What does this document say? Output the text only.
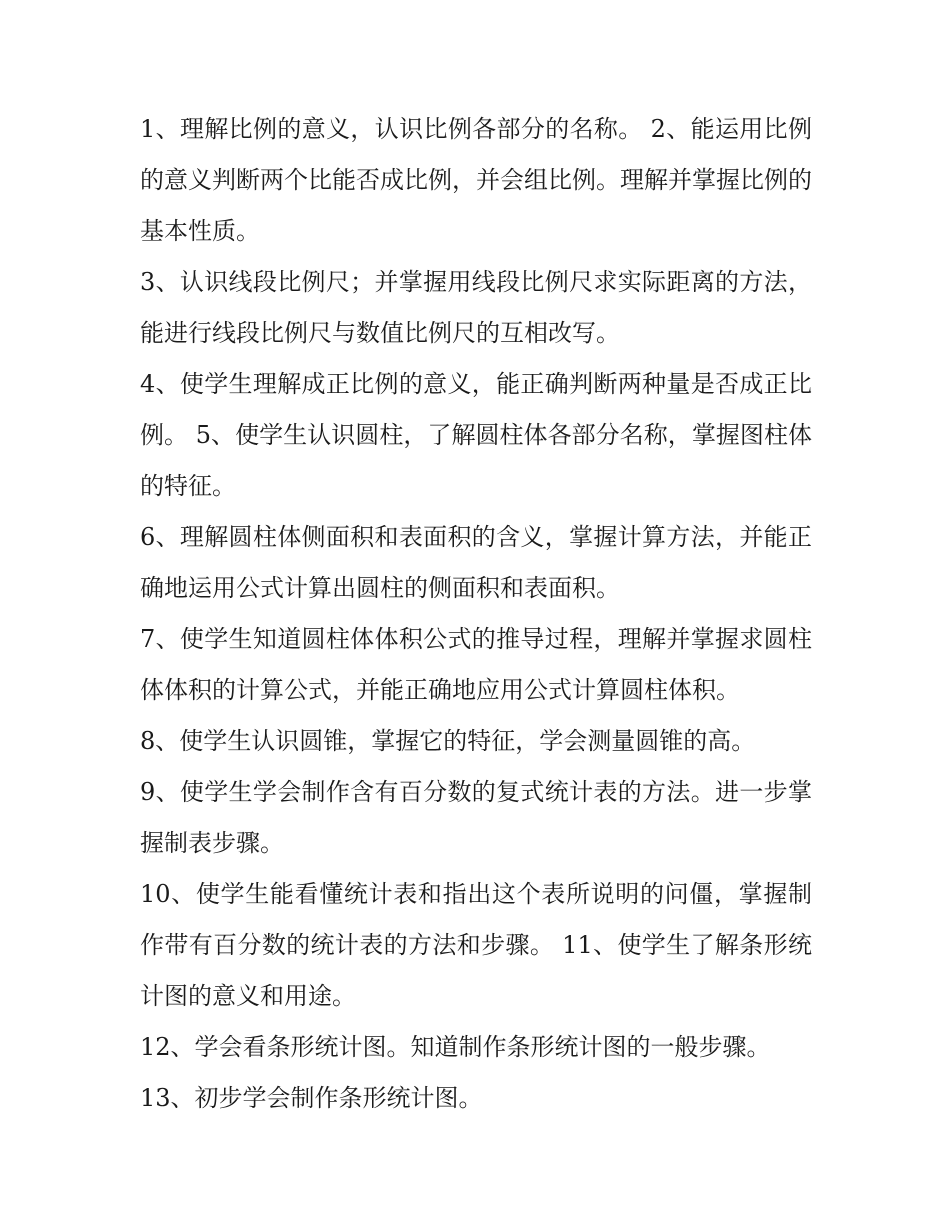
1、理解比例的意义，认识比例各部分的名称。 2、能运用比例的意义判断两个比能否成比例，并会组比例。理解并掌握比例的基本性质。

3、认识线段比例尺；并掌握用线段比例尺求实际距离的方法，能进行线段比例尺与数值比例尺的互相改写。

4、使学生理解成正比例的意义，能正确判断两种量是否成正比例。 5、使学生认识圆柱，了解圆柱体各部分名称，掌握图柱体的特征。

6、理解圆柱体侧面积和表面积的含义，掌握计算方法，并能正确地运用公式计算出圆柱的侧面积和表面积。

7、使学生知道圆柱体体积公式的推导过程，理解并掌握求圆柱体体积的计算公式，并能正确地应用公式计算圆柱体积。

8、使学生认识圆锥，掌握它的特征，学会测量圆锥的高。

9、使学生学会制作含有百分数的复式统计表的方法。进一步掌握制表步骤。

10、使学生能看懂统计表和指出这个表所说明的问僵，掌握制作带有百分数的统计表的方法和步骤。 11、使学生了解条形统计图的意义和用途。

12、学会看条形统计图。知道制作条形统计图的一般步骤。

13、初步学会制作条形统计图。
